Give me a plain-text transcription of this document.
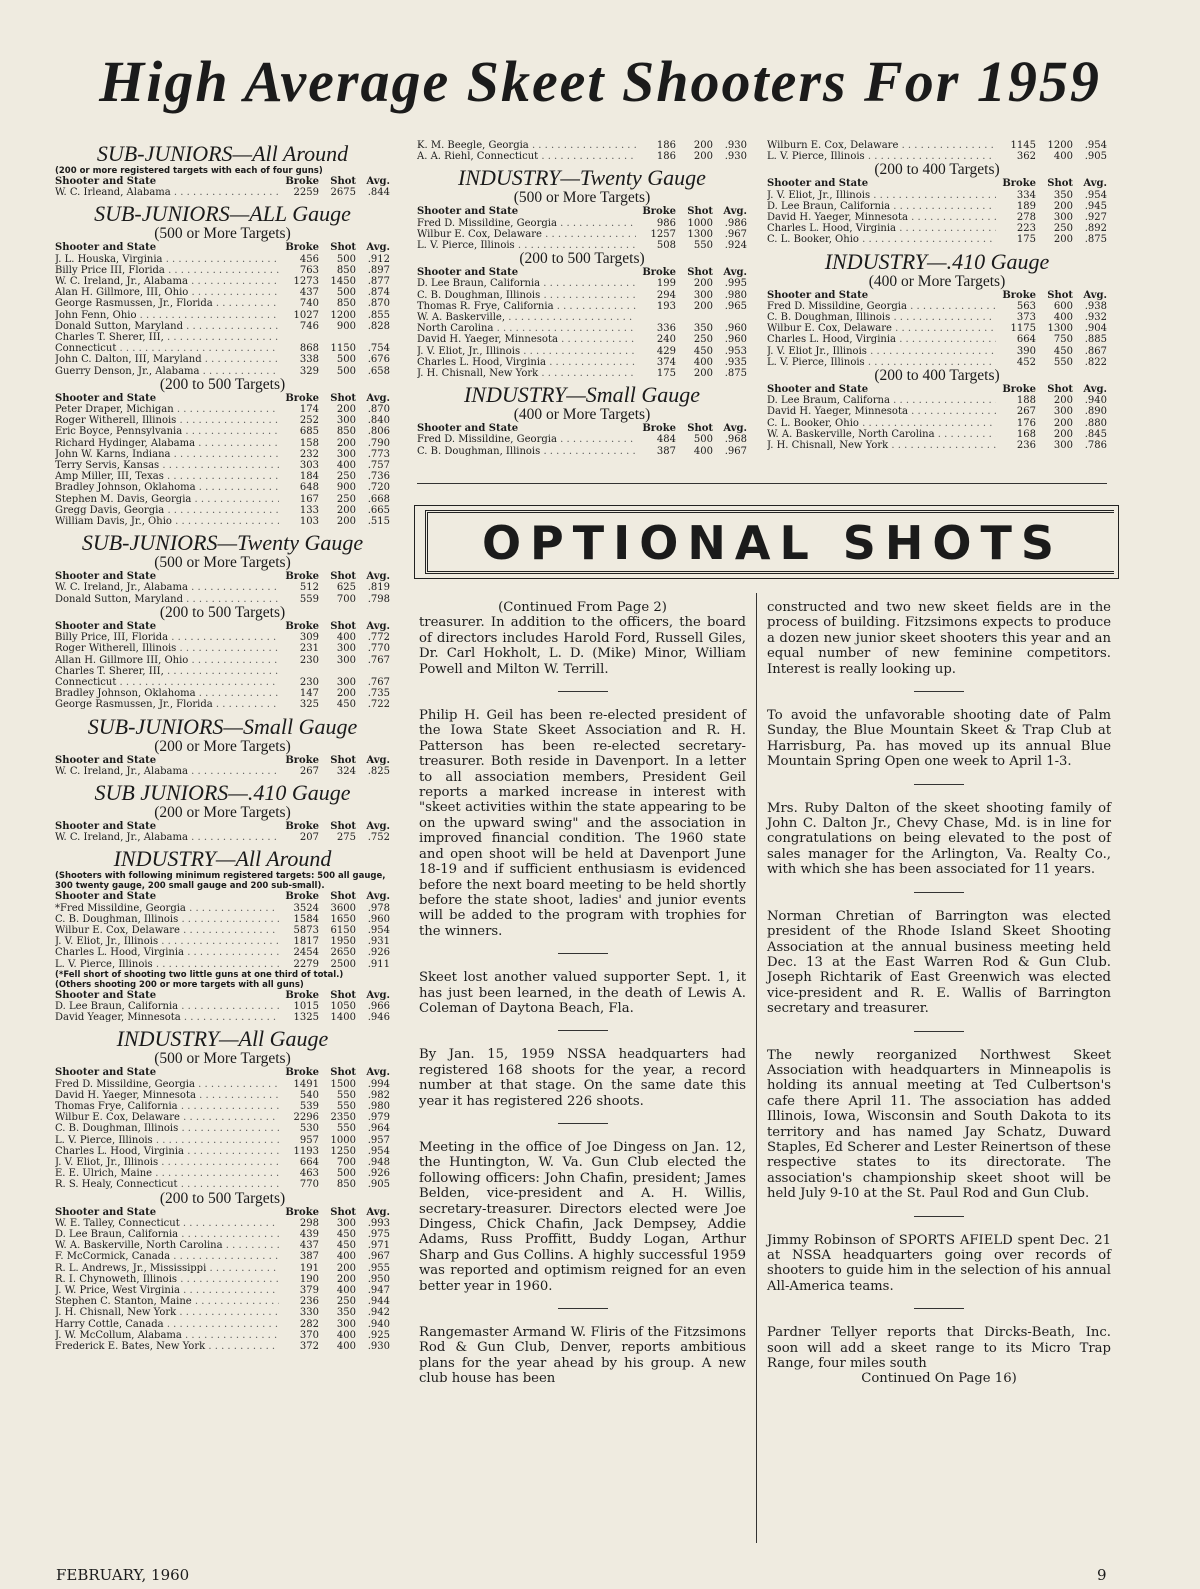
High Average Skeet Shooters For 1959
SUB-JUNIORS—All Around
(200 or more registered targets with each of four guns)
Shooter and State	Broke	Shot	Avg.
W. C. Irleand, Alabama . . .	2259	2675	.844
SUB-JUNIORS—ALL Gauge
(500 or More Targets)
Shooter and State	Broke	Shot	Avg.
J. L. Houska, Virginia . . .	456	500	.912
Billy Price III, Florida . . .	763	850	.897
W. C. Ireland, Jr., Alabama . . .	1273	1450	.877
Alan H. Gillmore, III, Ohio . . .	437	500	.874
George Rasmussen, Jr., Florida . . .	740	850	.870
John Fenn, Ohio . . .	1027	1200	.855
Donald Sutton, Maryland . . .	746	900	.828
Charles T. Sherer, III, . . .
Connecticut . . .	868	1150	.754
John C. Dalton, III, Maryland . . .	338	500	.676
Guerry Denson, Jr., Alabama . . .	329	500	.658
(200 to 500 Targets)
Shooter and State	Broke	Shot	Avg.
Peter Draper, Michigan . . .	174	200	.870
Roger Witherell, Illinois . . .	252	300	.840
Eric Boyce, Pennsylvania . . .	685	850	.806
Richard Hydinger, Alabama . . .	158	200	.790
John W. Karns, Indiana . . .	232	300	.773
Terry Servis, Kansas . . .	303	400	.757
Amp Miller, III, Texas . . .	184	250	.736
Bradley Johnson, Oklahoma . . .	648	900	.720
Stephen M. Davis, Georgia . . .	167	250	.668
Gregg Davis, Georgia . . .	133	200	.665
William Davis, Jr., Ohio . . .	103	200	.515
SUB-JUNIORS—Twenty Gauge
(500 or More Targets)
Shooter and State	Broke	Shot	Avg.
W. C. Ireland, Jr., Alabama . . .	512	625	.819
Donald Sutton, Maryland . . .	559	700	.798
(200 to 500 Targets)
Shooter and State	Broke	Shot	Avg.
Billy Price, III, Florida . . .	309	400	.772
Roger Witherell, Illinois . . .	231	300	.770
Allan H. Gillmore III, Ohio . . .	230	300	.767
Charles T. Sherer, III, . . .
Connecticut . . .	230	300	.767
Bradley Johnson, Oklahoma . . .	147	200	.735
George Rasmussen, Jr., Florida . . .	325	450	.722
SUB-JUNIORS—Small Gauge
(200 or More Targets)
Shooter and State	Broke	Shot	Avg.
W. C. Ireland, Jr., Alabama . . .	267	324	.825
SUB JUNIORS—.410 Gauge
(200 or More Targets)
Shooter and State	Broke	Shot	Avg.
W. C. Ireland, Jr., Alabama . . .	207	275	.752
INDUSTRY—All Around
(Shooters with following minimum registered targets: 500 all gauge, 300 twenty gauge, 200 small gauge and 200 sub-small).
Shooter and State	Broke	Shot	Avg.
*Fred Missildine, Georgia . . .	3524	3600	.978
C. B. Doughman, Illinois . . .	1584	1650	.960
Wilbur E. Cox, Delaware . . .	5873	6150	.954
J. V. Eliot, Jr., Illinois . . .	1817	1950	.931
Charles L. Hood, Virginia . . .	2454	2650	.926
L. V. Pierce, Illinois . . .	2279	2500	.911
(*Fell short of shooting two little guns at one third of total.)
(Others shooting 200 or more targets with all guns)
Shooter and State	Broke	Shot	Avg.
D. Lee Braun, California . . .	1015	1050	.966
David Yeager, Minnesota . . .	1325	1400	.946
INDUSTRY—All Gauge
(500 or More Targets)
Shooter and State	Broke	Shot	Avg.
Fred D. Missildine, Georgia . . .	1491	1500	.994
David H. Yaeger, Minnesota . . .	540	550	.982
Thomas Frye, California . . .	539	550	.980
Wilbur E. Cox, Delaware . . .	2296	2350	.979
C. B. Doughman, Illinois . . .	530	550	.964
L. V. Pierce, Illinois . . .	957	1000	.957
Charles L. Hood, Virginia . . .	1193	1250	.954
J. V. Eliot, Jr., Illinois . . .	664	700	.948
E. E. Ulrich, Maine . . .	463	500	.926
R. S. Healy, Connecticut . . .	770	850	.905
(200 to 500 Targets)
Shooter and State	Broke	Shot	Avg.
W. E. Talley, Connecticut . . .	298	300	.993
D. Lee Braun, California . . .	439	450	.975
W. A. Baskerville, North Carolina . . .	437	450	.971
F. McCormick, Canada . . .	387	400	.967
R. L. Andrews, Jr., Mississippi . . .	191	200	.955
R. I. Chynoweth, Illinois . . .	190	200	.950
J. W. Price, West Virginia . . .	379	400	.947
Stephen C. Stanton, Maine . . .	236	250	.944
J. H. Chisnall, New York . . .	330	350	.942
Harry Cottle, Canada . . .	282	300	.940
J. W. McCollum, Alabama . . .	370	400	.925
Frederick E. Bates, New York . . .	372	400	.930
K. M. Beegle, Georgia . . .	186	200	.930
A. A. Riehl, Connecticut . . .	186	200	.930
INDUSTRY—Twenty Gauge
(500 or More Targets)
Shooter and State	Broke	Shot	Avg.
Fred D. Missildine, Georgia . . .	986	1000	.986
Wilbur E. Cox, Delaware . . .	1257	1300	.967
L. V. Pierce, Illinois . . .	508	550	.924
(200 to 500 Targets)
Shooter and State	Broke	Shot	Avg.
D. Lee Braun, California . . .	199	200	.995
C. B. Doughman, Illinois . . .	294	300	.980
Thomas R. Frye, California . . .	193	200	.965
W. A. Baskerville, . . .
North Carolina . . .	336	350	.960
David H. Yaeger, Minnesota . . .	240	250	.960
J. V. Eliot, Jr., Illinois . . .	429	450	.953
Charles L. Hood, Virginia . . .	374	400	.935
J. H. Chisnall, New York . . .	175	200	.875
INDUSTRY—Small Gauge
(400 or More Targets)
Shooter and State	Broke	Shot	Avg.
Fred D. Missildine, Georgia . . .	484	500	.968
C. B. Doughman, Illinois . . .	387	400	.967
Wilburn E. Cox, Delaware . . .	1145	1200	.954
L. V. Pierce, Illinois . . .	362	400	.905
(200 to 400 Targets)
Shooter and State	Broke	Shot	Avg.
J. V. Eliot, Jr., Illinois . . .	334	350	.954
D. Lee Braun, California . . .	189	200	.945
David H. Yaeger, Minnesota . . .	278	300	.927
Charles L. Hood, Virginia . . .	223	250	.892
C. L. Booker, Ohio . . .	175	200	.875
INDUSTRY—.410 Gauge
(400 or More Targets)
Shooter and State	Broke	Shot	Avg.
Fred D. Missildine, Georgia . . .	563	600	.938
C. B. Doughman, Illinois . . .	373	400	.932
Wilbur E. Cox, Delaware . . .	1175	1300	.904
Charles L. Hood, Virginia . . .	664	750	.885
J. V. Eliot Jr., Illinois . . .	390	450	.867
L. V. Pierce, Illinois . . .	452	550	.822
(200 to 400 Targets)
Shooter and State	Broke	Shot	Avg.
D. Lee Braum, Californa . . .	188	200	.940
David H. Yaeger, Minnesota . . .	267	300	.890
C. L. Booker, Ohio . . .	176	200	.880
W. A. Baskerville, North Carolina . . .	168	200	.845
J. H. Chisnall, New York . . .	236	300	.786
OPTIONAL SHOTS

(Continued From Page 2)

treasurer. In addition to the officers, the board of directors includes Harold Ford, Russell Giles, Dr. Carl Hokholt, L. D. (Mike) Minor, William Powell and Milton W. Terrill.

Philip H. Geil has been re-elected president of the Iowa State Skeet Association and R. H. Patterson has been re-elected secretary-treasurer. Both reside in Davenport. In a letter to all association members, President Geil reports a marked increase in interest with "skeet activities within the state appearing to be on the upward swing" and the association in improved financial condition. The 1960 state and open shoot will be held at Davenport June 18-19 and if sufficient enthusiasm is evidenced before the next board meeting to be held shortly before the state shoot, ladies' and junior events will be added to the program with trophies for the winners.

Skeet lost another valued supporter Sept. 1, it has just been learned, in the death of Lewis A. Coleman of Daytona Beach, Fla.

By Jan. 15, 1959 NSSA headquarters had registered 168 shoots for the year, a record number at that stage. On the same date this year it has registered 226 shoots.

Meeting in the office of Joe Dingess on Jan. 12, the Huntington, W. Va. Gun Club elected the following officers: John Chafin, president; James Belden, vice-president and A. H. Willis, secretary-treasurer. Directors elected were Joe Dingess, Chick Chafin, Jack Dempsey, Addie Adams, Russ Proffitt, Buddy Logan, Arthur Sharp and Gus Collins. A highly successful 1959 was reported and optimism reigned for an even better year in 1960.

Rangemaster Armand W. Fliris of the Fitzsimons Rod & Gun Club, Denver, reports ambitious plans for the year ahead by his group. A new club house has been

constructed and two new skeet fields are in the process of building. Fitzsimons expects to produce a dozen new junior skeet shooters this year and an equal number of new feminine competitors. Interest is really looking up.

To avoid the unfavorable shooting date of Palm Sunday, the Blue Mountain Skeet & Trap Club at Harrisburg, Pa. has moved up its annual Blue Mountain Spring Open one week to April 1-3.

Mrs. Ruby Dalton of the skeet shooting family of John C. Dalton Jr., Chevy Chase, Md. is in line for congratulations on being elevated to the post of sales manager for the Arlington, Va. Realty Co., with which she has been associated for 11 years.

Norman Chretian of Barrington was elected president of the Rhode Island Skeet Shooting Association at the annual business meeting held Dec. 13 at the East Warren Rod & Gun Club. Joseph Richtarik of East Greenwich was elected vice-president and R. E. Wallis of Barrington secretary and treasurer.

The newly reorganized Northwest Skeet Association with headquarters in Minneapolis is holding its annual meeting at Ted Culbertson's cafe there April 11. The association has added Illinois, Iowa, Wisconsin and South Dakota to its territory and has named Jay Schatz, Duward Staples, Ed Scherer and Lester Reinertson of these respective states to its directorate. The association's championship skeet shoot will be held July 9-10 at the St. Paul Rod and Gun Club.

Jimmy Robinson of SPORTS AFIELD spent Dec. 21 at NSSA headquarters going over records of shooters to guide him in the selection of his annual All-America teams.

Pardner Tellyer reports that Dircks-Beath, Inc. soon will add a skeet range to its Micro Trap Range, four miles south

Continued On Page 16)

FEBRUARY, 1960	9
